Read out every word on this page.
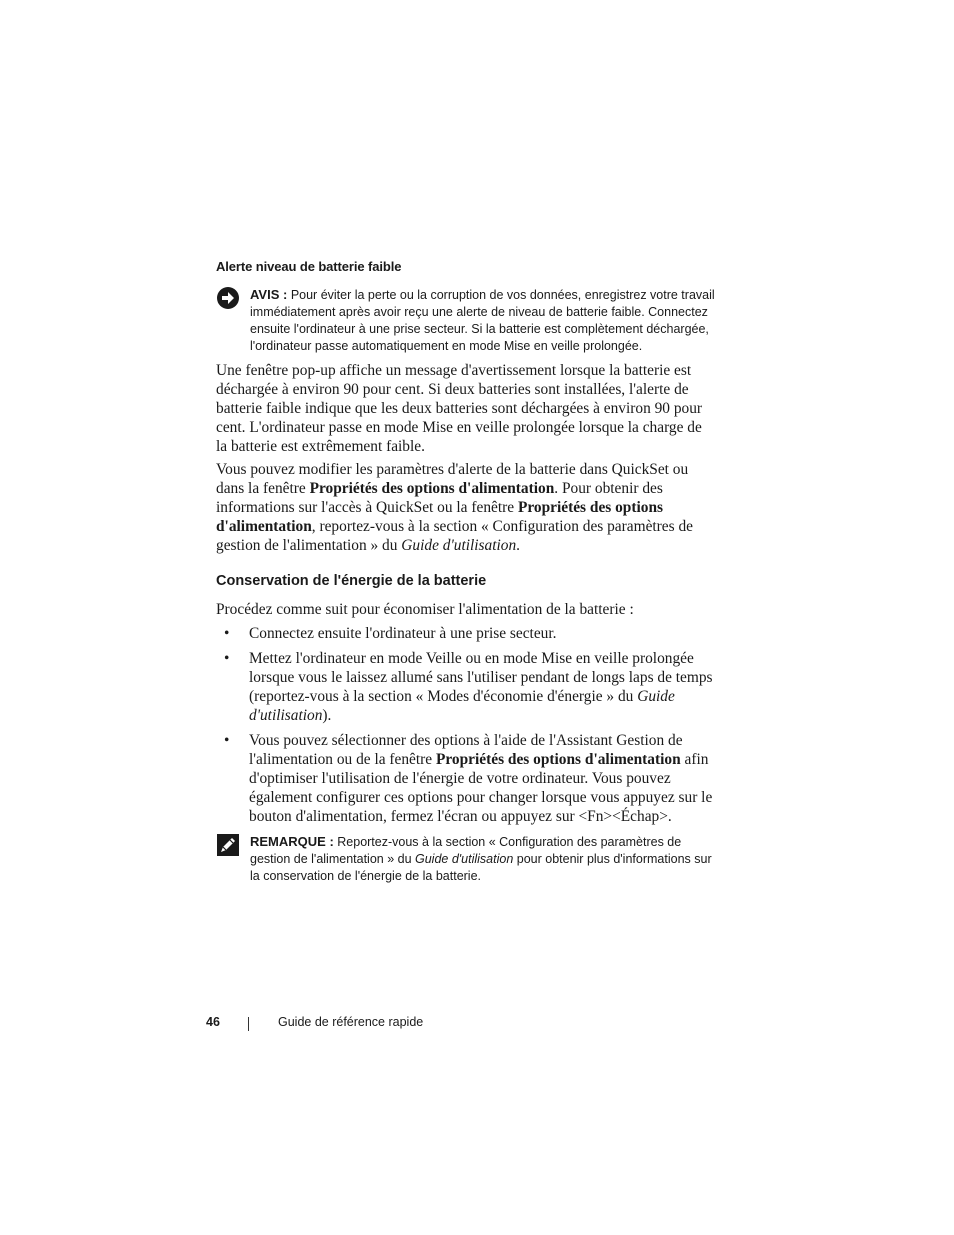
Alerte niveau de batterie faible
AVIS : Pour éviter la perte ou la corruption de vos données, enregistrez votre travail immédiatement après avoir reçu une alerte de niveau de batterie faible. Connectez ensuite l'ordinateur à une prise secteur. Si la batterie est complètement déchargée, l'ordinateur passe automatiquement en mode Mise en veille prolongée.

Une fenêtre pop-up affiche un message d'avertissement lorsque la batterie est déchargée à environ 90 pour cent. Si deux batteries sont installées, l'alerte de batterie faible indique que les deux batteries sont déchargées à environ 90 pour cent. L'ordinateur passe en mode Mise en veille prolongée lorsque la charge de la batterie est extrêmement faible.

Vous pouvez modifier les paramètres d'alerte de la batterie dans QuickSet ou dans la fenêtre Propriétés des options d'alimentation. Pour obtenir des informations sur l'accès à QuickSet ou la fenêtre Propriétés des options d'alimentation, reportez-vous à la section « Configuration des paramètres de gestion de l'alimentation » du Guide d'utilisation.

Conservation de l'énergie de la batterie

Procédez comme suit pour économiser l'alimentation de la batterie :

• Connectez ensuite l'ordinateur à une prise secteur.
• Mettez l'ordinateur en mode Veille ou en mode Mise en veille prolongée lorsque vous le laissez allumé sans l'utiliser pendant de longs laps de temps (reportez-vous à la section « Modes d'économie d'énergie » du Guide d'utilisation).
• Vous pouvez sélectionner des options à l'aide de l'Assistant Gestion de l'alimentation ou de la fenêtre Propriétés des options d'alimentation afin d'optimiser l'utilisation de l'énergie de votre ordinateur. Vous pouvez également configurer ces options pour changer lorsque vous appuyez sur le bouton d'alimentation, fermez l'écran ou appuyez sur <Fn><Échap>.
REMARQUE : Reportez-vous à la section « Configuration des paramètres de gestion de l'alimentation » du Guide d'utilisation pour obtenir plus d'informations sur la conservation de l'énergie de la batterie.
46	Guide de référence rapide
